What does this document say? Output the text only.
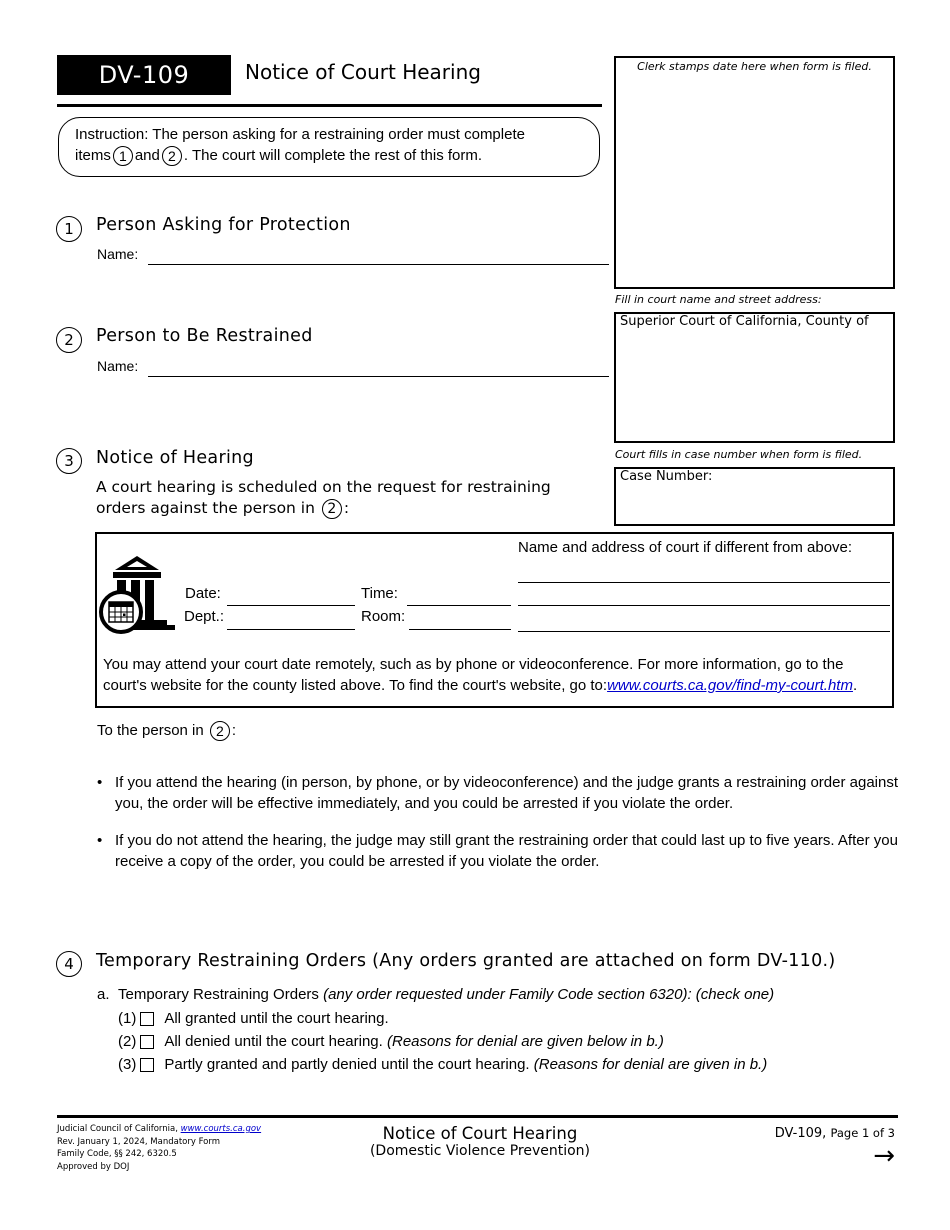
DV-109	Notice of Court Hearing
Instruction: The person asking for a restraining order must complete
items 1 and 2 . The court will complete the rest of this form.
Clerk stamps date here when form is filed.
Fill in court name and street address:
Superior Court of California, County of
Court fills in case number when form is filed.
Case Number:
1	Person Asking for Protection
Name:
2	Person to Be Restrained
Name:
3	Notice of Hearing
A court hearing is scheduled on the request for restraining
orders against the person in 2 :
Date:	Time:
Dept.:	Room:
Name and address of court if different from above:
You may attend your court date remotely, such as by phone or videoconference. For more information, go to the
court's website for the county listed above. To find the court's website, go to:www.courts.ca.gov/find-my-court.htm.
To the person in 2 :
• If you attend the hearing (in person, by phone, or by videoconference) and the judge grants a restraining order against you, the order will be effective immediately, and you could be arrested if you violate the order.
• If you do not attend the hearing, the judge may still grant the restraining order that could last up to five years. After you receive a copy of the order, you could be arrested if you violate the order.
4	Temporary Restraining Orders (Any orders granted are attached on form DV-110.)
a. Temporary Restraining Orders (any order requested under Family Code section 6320): (check one)
(1) All granted until the court hearing.
(2) All denied until the court hearing. (Reasons for denial are given below in b.)
(3) Partly granted and partly denied until the court hearing. (Reasons for denial are given in b.)
Judicial Council of California, www.courts.ca.gov
Rev. January 1, 2024, Mandatory Form
Family Code, §§ 242, 6320.5
Approved by DOJ
Notice of Court Hearing
(Domestic Violence Prevention)
DV-109, Page 1 of 3
→
